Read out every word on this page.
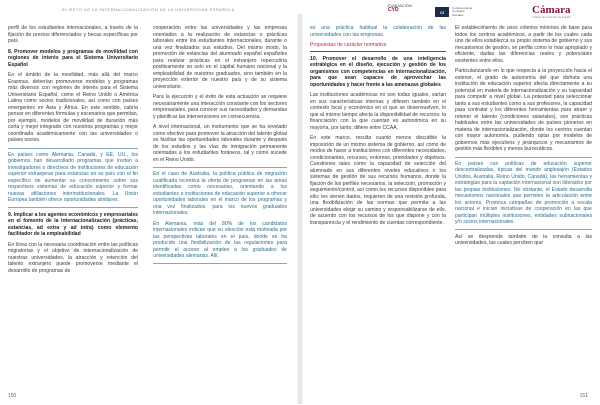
EL RETO DE LA INTERNACIONALIZACIÓN DE LA UNIVERSIDAD ESPAÑOLA
FUNDACIÓN
CYD	CI
Conferencia de Consejos Sociales	Cámara
Cámara de Comercio de España

perfil de los estudiantes internacionales, a través de la fijación de precios diferenciados y becas específicas por país.

8. Promover modelos y programas de movilidad con regiones de interés para el Sistema Universitario Español

En el ámbito de la movilidad, más allá del marco Erasmus, deberían promoverse modelos y programas más diversos con regiones de interés para el Sistema Universitario Español, como el Reino Unido o América Latina como socios tradicionales, así como con países emergentes en Asia y África. En este sentido, cabría pensar en diferentes fórmulas y escenarios que permitan, por ejemplo, modelos de movilidad de duración más corta y mejor integrado con nuestros programas y mejor coordinada académicamente con las universidades o países socios.

En países como Alemania, Canadá, y EE. UU., los gobiernos han desarrollado programas que invitan a investigadores o directivos de instituciones de educación superior extranjeras para estancias en su país con el fin específico de aumentar su conocimiento sobre sus respectivos sistemas de educación superior y formar nuevas afiliaciones interinstitucionales. La Unión Europea también ofrece oportunidades similares.

9. Implicar a los agentes económicos y empresariales en el fomento de la internacionalización (prácticas, estancias, ad extra y ad intra) como elemento facilitador de la empleabilidad

En línea con la necesaria coordinación entre las políticas migratorias y el objetivo de internacionalización de nuestras universidades, la atracción y retención del talento extranjero puede promoverse mediante el desarrollo de programas de

cooperación entre las universidades y las empresas orientados a la realización de estancias o prácticas laborales entre los estudiantes internacionales, durante o una vez finalizados sus estudios. Del mismo modo, la promoción de estancias del alumnado español españoles para realizar prácticas en el extranjero repercutiría positivamente no solo en el capital humano nacional y la empleabilidad de nuestros graduados, sino también en la proyección exterior de nuestro país y de su sistema universitario.

Para la ejecución y el éxito de esta actuación se requiere necesariamente una interacción constante con los sectores empresariales, para conocer sus necesidades y demandas y planificar las intervenciones en consecuencia.

A nivel internacional, un instrumento que se ha revelado como efectivo para promover la atracción del talento global es facilitar las oportunidades laborales durante y después de los estudios y las vías de inmigración permanente orientadas a los estudiantes foráneos, tal y como sucede en el Reino Unido.

En el caso de Australia, la política pública de migración cualificada incentiva la oferta de programas en las áreas identificadas como necesarias, orientando a los estudiantes e instituciones de educación superior a ofrecer oportunidades laborales en el marco de los programas y una vez finalizados, para los nuevos graduados internacionales.

En Alemania, más del 80% de los candidatos internacionales indican que su elección está motivada por las perspectivas laborales en el país, donde se ha producido una flexibilización de las regulaciones para permitir el acceso al empleo a los graduados de universidades alemanas. Allí,

es una práctica habitual la colaboración de las universidades con las empresas.

Propuestas de carácter normativo

10. Promover el desarrollo de una inteligencia estratégica en el diseño, ejecución y gestión de los organismos con competencias en internacionalización, para que sean capaces de aprovechar las oportunidades y hacer frente a las amenazas globales

Las instituciones académicas no son todas iguales, varían en sus características internas y difieren también en el contexto local y económico en el que se desenvuelven, lo que al mismo tiempo afecta la disponibilidad de recursos: la financiación con la que cuentan es autonómica en su mayoría, por tanto, difiere entre CCAA.

En este marco, resulta cuanto menos discutible la imposición de un mismo sistema de gobierno, así como de modos de hacer a instituciones con diferentes necesidades, condicionantes, recursos, entornos, prioridades y objetivos. Cuestiones tales como la capacidad de selección del alumnado en sus diferentes niveles educativos o los sistemas de gestión de sus recursos humanos, donde la fijación de los perfiles necesarios, la selección, promoción y seguimiento/control, así como los recursos disponibles para ello; les vienen dados, requieren de una revisión profunda, una flexibilización de las normas que permita a las universidades elegir su camino y responsabilizarse de ello, de acuerdo con los recursos de los que dispone y con la transparencia y el rendimiento de cuentas correspondiente.

El establecimiento de unos criterios mínimos de base para todos los centros académicos, a partir de los cuales cada uno de ellos establezca su propio sistema de gobierno y sus mecanismos de gestión, se perfila como lo más apropiado y eficiente, dadas las diferencias reales y potenciales existentes entre ellos.

Particularizando en lo que respecta a la proyección hacia el exterior, el grado de autonomía del que disfruta una institución de educación superior afecta directamente a su potencial en materia de internacionalización y su capacidad para competir a nivel global. La potestad para seleccionar tanto a sus estudiantes como a sus profesores, la capacidad para contratar y los diferentes herramientas para atraer y retener el talento (condiciones salariales), son prácticas habituales entre las universidades de países pioneros en materia de internacionalización, donde los centros cuentan con mayor autonomía, pudiendo optar por modelos de gobiernos más ejecutivos y jerárquicos y mecanismos de gestión más flexibles y menos burocráticos.

En países con políticas de educación superior descentralizadas, típicas del mundo anglosajón (Estados Unidos, Australia, Reino Unido, Canadá), las herramientas y estrategias para la captación internacional son liderados por las propias instituciones. No obstante, el Estado desarrolla mecanismos nacionales que permiten la articulación entre los actores. Promoca campañas de promoción a escala nacional e inician iniciativas de cooperación en las que participan múltiples instituciones, entidades subnacionales y/o socios internacionales.

Así se desprende también de la consulta a las universidades, las cuales perciben que

150	151
